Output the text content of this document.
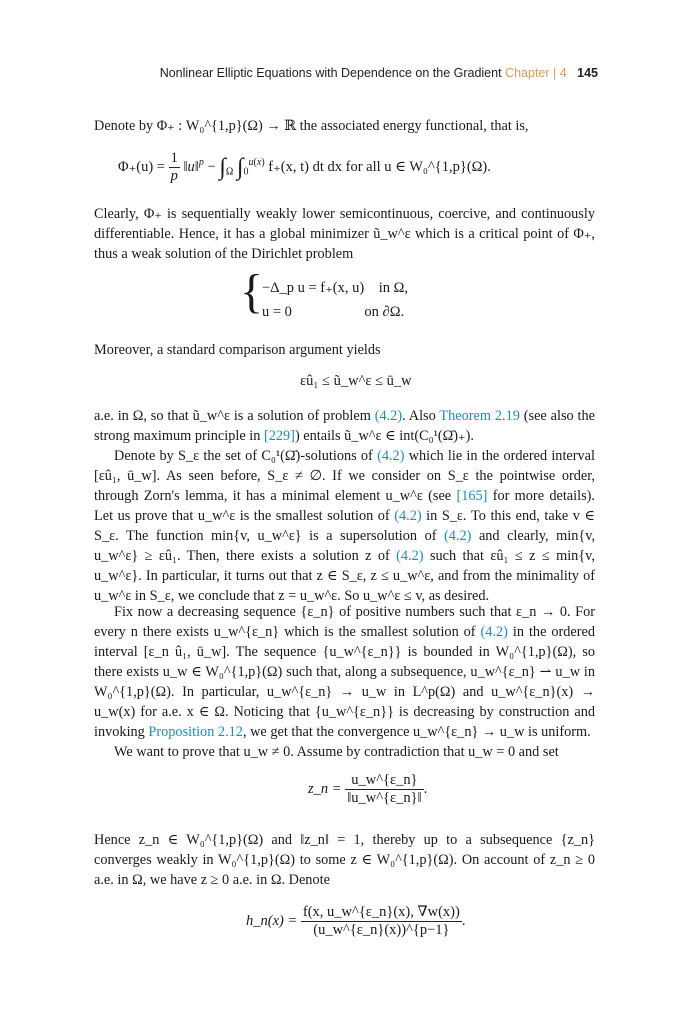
Nonlinear Elliptic Equations with Dependence on the Gradient Chapter | 4 145
Denote by Φ₊ : W₀^{1,p}(Ω) → ℝ the associated energy functional, that is,
$\Phi_+(u) = \frac{1}{p}$ ‖u‖$^p$ − $\int_\Omega$ $\int_0^{u(x)}$ f₊(x, t) dt dx for all u ∈ W₀^{1,p}(Ω).
Clearly, Φ₊ is sequentially weakly lower semicontinuous, coercive, and continuously differentiable. Hence, it has a global minimizer ũ_w^ε which is a critical point of Φ₊, thus a weak solution of the Dirichlet problem
{
−Δ_p u = f₊(x, u)    in Ω,
u = 0                    on ∂Ω.
Moreover, a standard comparison argument yields
εû₁ ≤ ũ_w^ε ≤ ū_w
a.e. in Ω, so that ũ_w^ε is a solution of problem (4.2). Also Theorem 2.19 (see also the strong maximum principle in [229]) entails ũ_w^ε ∈ int(C₀¹(Ω̄)₊).
Denote by S_ε the set of C₀¹(Ω̄)-solutions of (4.2) which lie in the ordered interval [εû₁, ū_w]. As seen before, S_ε ≠ ∅. If we consider on S_ε the pointwise order, through Zorn's lemma, it has a minimal element u_w^ε (see [165] for more details). Let us prove that u_w^ε is the smallest solution of (4.2) in S_ε. To this end, take v ∈ S_ε. The function min{v, u_w^ε} is a supersolution of (4.2) and clearly, min{v, u_w^ε} ≥ εû₁. Then, there exists a solution z of (4.2) such that εû₁ ≤ z ≤ min{v, u_w^ε}. In particular, it turns out that z ∈ S_ε, z ≤ u_w^ε, and from the minimality of u_w^ε in S_ε, we conclude that z = u_w^ε. So u_w^ε ≤ v, as desired.
Fix now a decreasing sequence {ε_n} of positive numbers such that ε_n → 0. For every n there exists u_w^{ε_n} which is the smallest solution of (4.2) in the ordered interval [ε_n û₁, ū_w]. The sequence {u_w^{ε_n}} is bounded in W₀^{1,p}(Ω), so there exists u_w ∈ W₀^{1,p}(Ω) such that, along a subsequence, u_w^{ε_n} ⇀ u_w in W₀^{1,p}(Ω). In particular, u_w^{ε_n} → u_w in L^p(Ω) and u_w^{ε_n}(x) → u_w(x) for a.e. x ∈ Ω. Noticing that {u_w^{ε_n}} is decreasing by construction and invoking Proposition 2.12, we get that the convergence u_w^{ε_n} → u_w is uniform.
We want to prove that u_w ≠ 0. Assume by contradiction that u_w = 0 and set
z_n = $\frac{u\_w\^{}\{\varepsilon\_n\}}{‖u\_w\^{}\{\varepsilon\_n\}‖}$ .
Hence z_n ∈ W₀^{1,p}(Ω) and ‖z_n‖ = 1, thereby up to a subsequence {z_n} converges weakly in W₀^{1,p}(Ω) to some z ∈ W₀^{1,p}(Ω). On account of z_n ≥ 0 a.e. in Ω, we have z ≥ 0 a.e. in Ω. Denote
h_n(x) = $\frac{f(x, u\_w\^{}\{\varepsilon\_n\}(x), \nabla w(x))}{(u\_w\^{}\{\varepsilon\_n\}(x))\^{}\{p-1\}}$ .
